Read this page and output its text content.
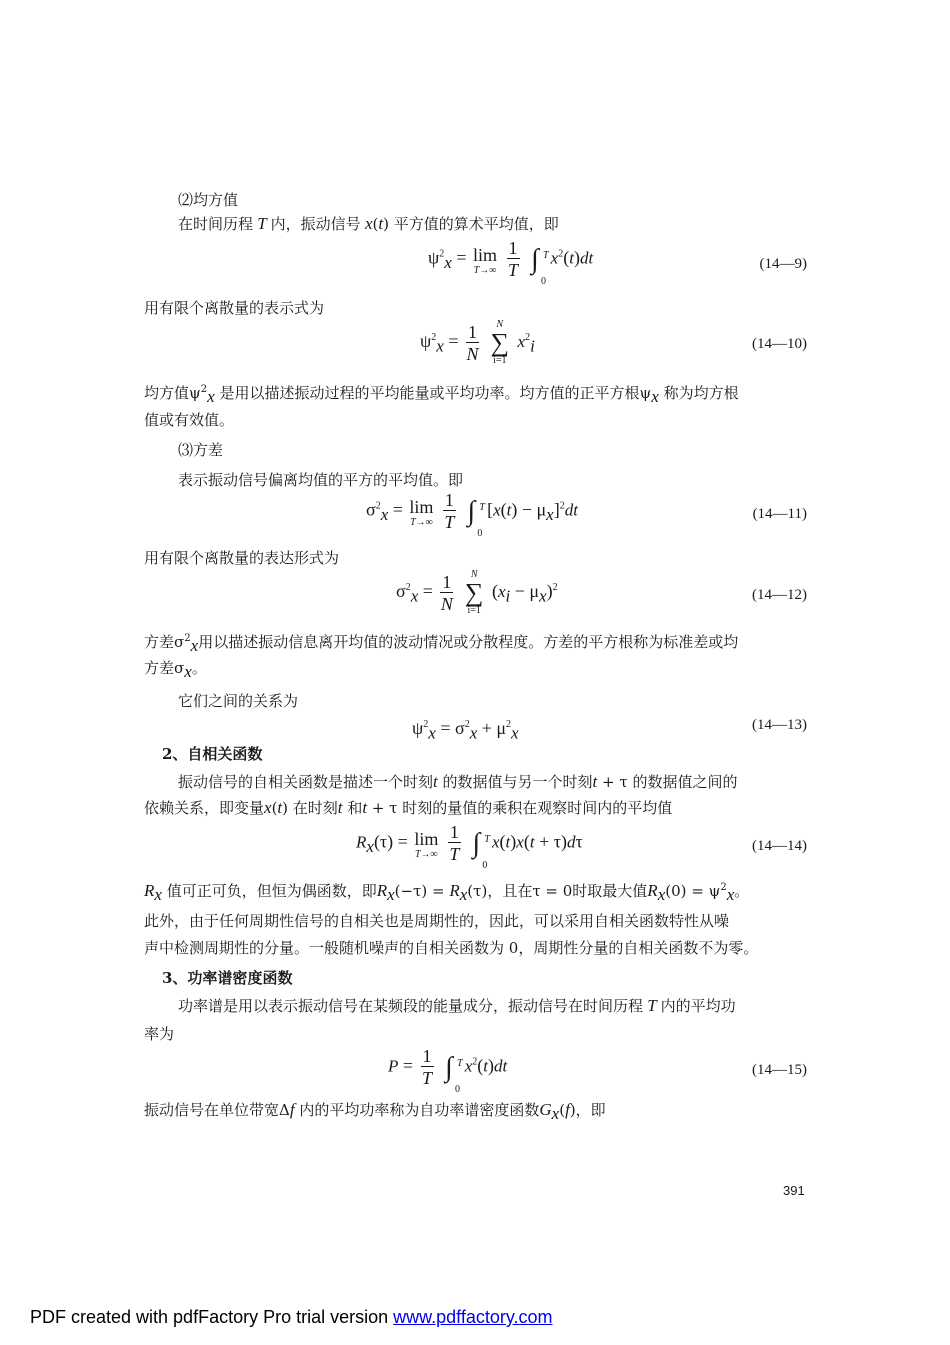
⑵均方值
在时间历程 T 内，振动信号 x(t) 平方值的算术平均值，即
$\psi^2_x = \lim$
T→∞
$\frac{1}{T}$ ∫ T
0
$x^2(t)dt$	(14—9)
用有限个离散量的表示式为
$\psi^2_x = \frac{1}{N}$
	N
∑
i=1
$x^2_i$	(14—10)
均方值$\psi^2_x$ 是用以描述振动过程的平均能量或平均功率。均方值的正平方根$\psi_x$ 称为均方根
值或有效值。
⑶方差
表示振动信号偏离均值的平方的平均值。即
$\sigma^2_x = \lim$
T→∞
$\frac{1}{T}$ ∫ T
0
$[x(t) - \mu_x]^2dt$	(14—11)
用有限个离散量的表达形式为
$\sigma^2_x = \frac{1}{N}$
	N
∑
i=1
$(x_i - \mu_x)^2$	(14—12)
方差$\sigma^2_x$用以描述振动信息离开均值的波动情况或分散程度。方差的平方根称为标准差或均
方差$\sigma_x$。
它们之间的关系为
$\psi^2_x = \sigma^2_x + \mu^2_x$	(14—13)
2、自相关函数
振动信号的自相关函数是描述一个时刻t 的数据值与另一个时刻t + τ 的数据值之间的
依赖关系，即变量x(t) 在时刻t 和t + τ 时刻的量值的乘积在观察时间内的平均值
$R_x(\tau) = \lim$
T→∞
$\frac{1}{T}$ ∫ T
0
x(t)x(t + τ)dτ	(14—14)
$R_x$ 值可正可负，但恒为偶函数，即$R_x(-\tau) = R_x(\tau)$，且在τ = 0时取最大值$R_x(0) = \psi^2_x$。
此外，由于任何周期性信号的自相关也是周期性的，因此，可以采用自相关函数特性从噪
声中检测周期性的分量。一般随机噪声的自相关函数为 0，周期性分量的自相关函数不为零。
3、功率谱密度函数
功率谱是用以表示振动信号在某频段的能量成分，振动信号在时间历程 T 内的平均功
率为
$P = \frac{1}{T}$ ∫ T
0
$x^2(t)dt$	(14—15)
振动信号在单位带宽Δf 内的平均功率称为自功率谱密度函数$G_x(f)$，即
391
PDF created with pdfFactory Pro trial version www.pdffactory.com
